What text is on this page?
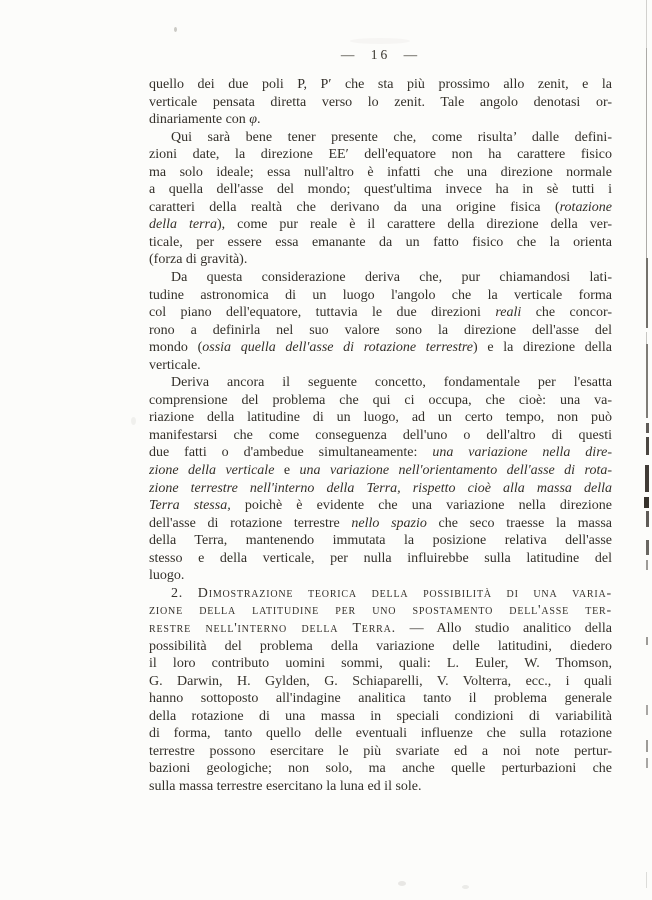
— 16 —
quello dei due poli P, P′ che sta più prossimo allo zenit, e la
verticale pensata diretta verso lo zenit. Tale angolo denotasi or-
dinariamente con φ.
Qui sarà bene tener presente che, come risulta’ dalle defini-
zioni date, la direzione EE′ dell'equatore non ha carattere fisico
ma solo ideale; essa null'altro è infatti che una direzione normale
a quella dell'asse del mondo; quest'ultima invece ha in sè tutti i
caratteri della realtà che derivano da una origine fisica (rotazione
della terra), come pur reale è il carattere della direzione della ver-
ticale, per essere essa emanante da un fatto fisico che la orienta
(forza di gravità).
Da questa considerazione deriva che, pur chiamandosi lati-
tudine astronomica di un luogo l'angolo che la verticale forma
col piano dell'equatore, tuttavia le due direzioni reali che concor-
rono a definirla nel suo valore sono la direzione dell'asse del
mondo (ossia quella dell'asse di rotazione terrestre) e la direzione della
verticale.
Deriva ancora il seguente concetto, fondamentale per l'esatta
comprensione del problema che qui ci occupa, che cioè: una va-
riazione della latitudine di un luogo, ad un certo tempo, non può
manifestarsi che come conseguenza dell'uno o dell'altro di questi
due fatti o d'ambedue simultaneamente: una variazione nella dire-
zione della verticale e una variazione nell'orientamento dell'asse di rota-
zione terrestre nell'interno della Terra, rispetto cioè alla massa della
Terra stessa, poichè è evidente che una variazione nella direzione
dell'asse di rotazione terrestre nello spazio che seco traesse la massa
della Terra, mantenendo immutata la posizione relativa dell'asse
stesso e della verticale, per nulla influirebbe sulla latitudine del
luogo.
2. Dimostrazione teorica della possibilità di una varia-
zione della latitudine per uno spostamento dell'asse ter-
restre nell'interno della Terra. — Allo studio analitico della
possibilità del problema della variazione delle latitudini, diedero
il loro contributo uomini sommi, quali: L. Euler, W. Thomson,
G. Darwin, H. Gylden, G. Schiaparelli, V. Volterra, ecc., i quali
hanno sottoposto all'indagine analitica tanto il problema generale
della rotazione di una massa in speciali condizioni di variabilità
di forma, tanto quello delle eventuali influenze che sulla rotazione
terrestre possono esercitare le più svariate ed a noi note pertur-
bazioni geologiche; non solo, ma anche quelle perturbazioni che
sulla massa terrestre esercitano la luna ed il sole.
